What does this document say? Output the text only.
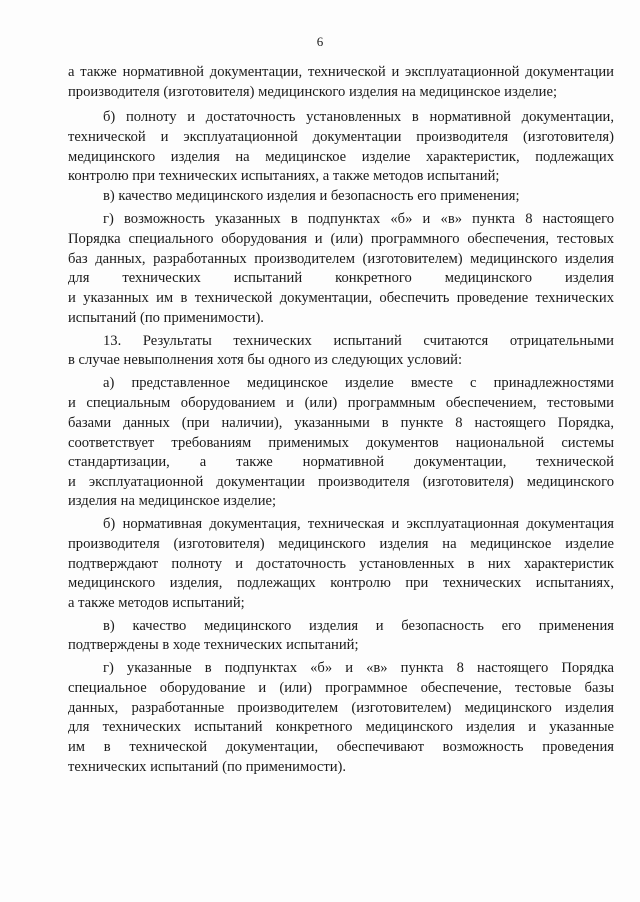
6
а также нормативной документации, технической и эксплуатационной документации
производителя (изготовителя) медицинского изделия на медицинское изделие;
б) полноту и достаточность установленных в нормативной документации,
технической и эксплуатационной документации производителя (изготовителя)
медицинского изделия на медицинское изделие характеристик, подлежащих
контролю при технических испытаниях, а также методов испытаний;
в) качество медицинского изделия и безопасность его применения;
г) возможность указанных в подпунктах «б» и «в» пункта 8 настоящего
Порядка специального оборудования и (или) программного обеспечения, тестовых
баз данных, разработанных производителем (изготовителем) медицинского изделия
для технических испытаний конкретного медицинского изделия
и указанных им в технической документации, обеспечить проведение технических
испытаний (по применимости).
13. Результаты технических испытаний считаются отрицательными
в случае невыполнения хотя бы одного из следующих условий:
а) представленное медицинское изделие вместе с принадлежностями
и специальным оборудованием и (или) программным обеспечением, тестовыми
базами данных (при наличии), указанными в пункте 8 настоящего Порядка,
соответствует требованиям применимых документов национальной системы
стандартизации, а также нормативной документации, технической
и эксплуатационной документации производителя (изготовителя) медицинского
изделия на медицинское изделие;
б) нормативная документация, техническая и эксплуатационная документация
производителя (изготовителя) медицинского изделия на медицинское изделие
подтверждают полноту и достаточность установленных в них характеристик
медицинского изделия, подлежащих контролю при технических испытаниях,
а также методов испытаний;
в) качество медицинского изделия и безопасность его применения
подтверждены в ходе технических испытаний;
г) указанные в подпунктах «б» и «в» пункта 8 настоящего Порядка
специальное оборудование и (или) программное обеспечение, тестовые базы
данных, разработанные производителем (изготовителем) медицинского изделия
для технических испытаний конкретного медицинского изделия и указанные
им в технической документации, обеспечивают возможность проведения
технических испытаний (по применимости).
